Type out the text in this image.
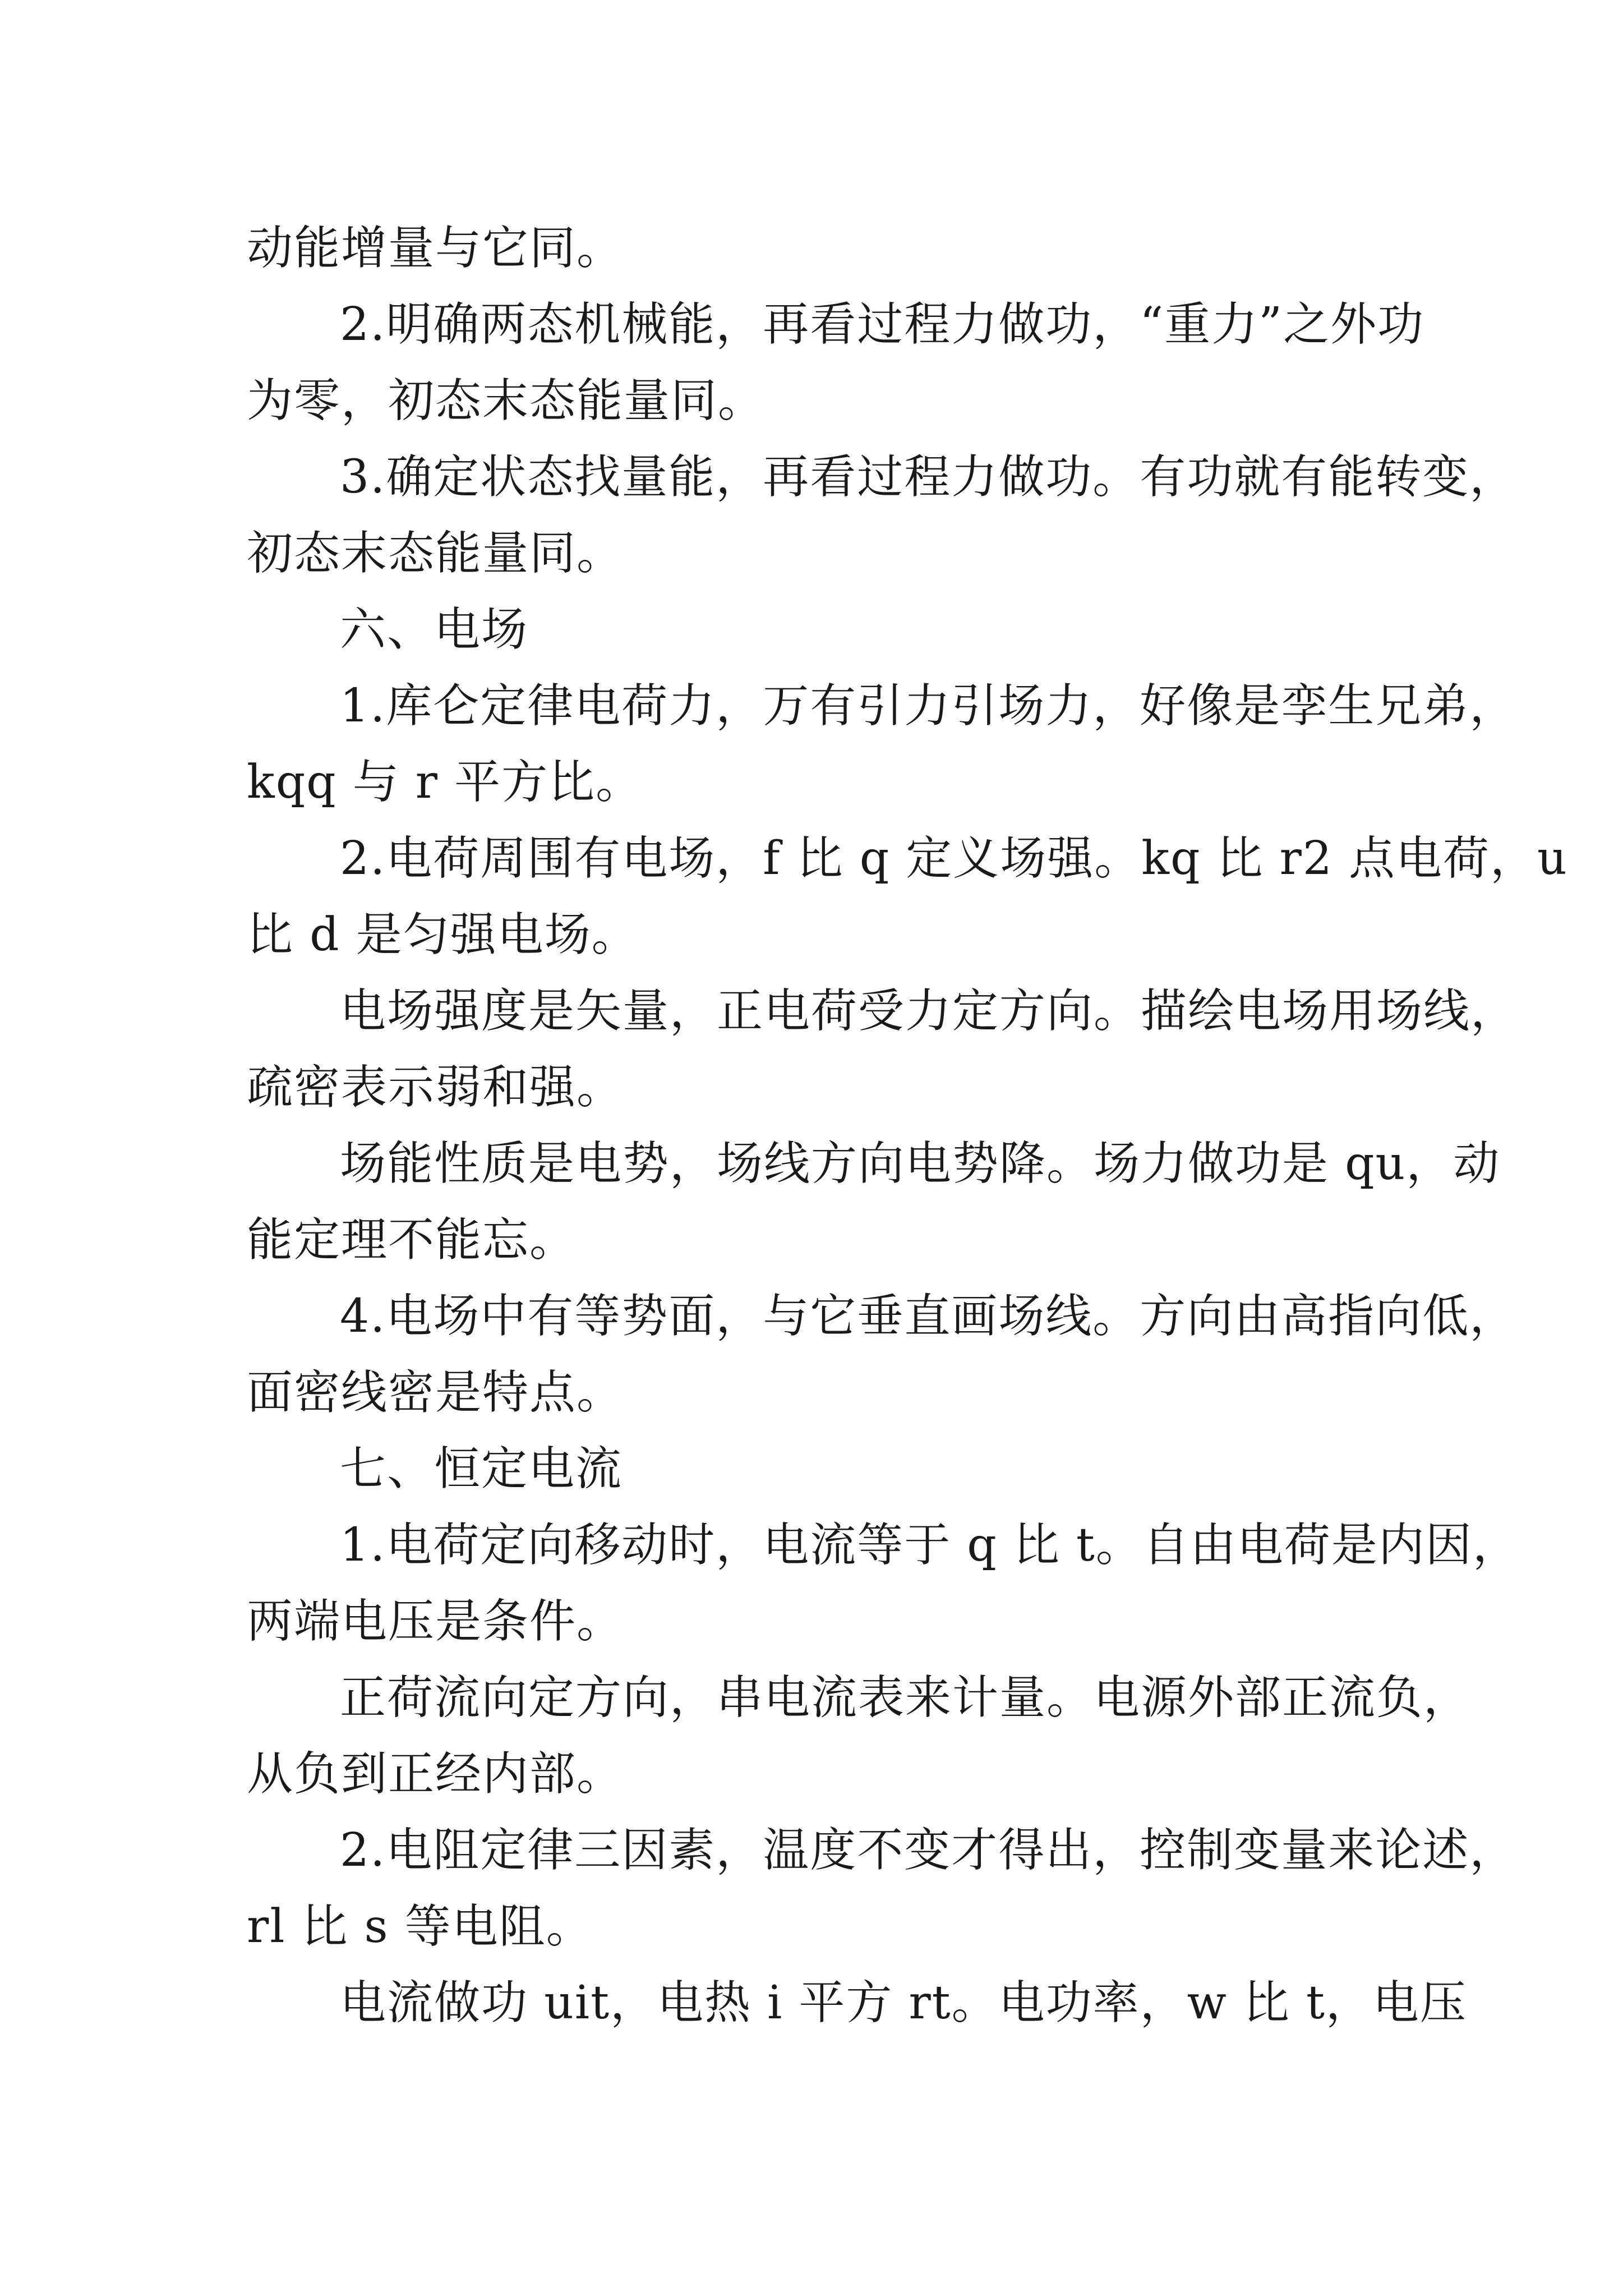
动能增量与它同。
2.明确两态机械能，再看过程力做功，“重力”之外功
为零，初态末态能量同。
3.确定状态找量能，再看过程力做功。有功就有能转变，
初态末态能量同。
六、电场
1.库仑定律电荷力，万有引力引场力，好像是孪生兄弟，
kqq 与 r 平方比。
2.电荷周围有电场，f 比 q 定义场强。kq 比 r2 点电荷，u
比 d 是匀强电场。
电场强度是矢量，正电荷受力定方向。描绘电场用场线，
疏密表示弱和强。
场能性质是电势，场线方向电势降。场力做功是 qu，动
能定理不能忘。
4.电场中有等势面，与它垂直画场线。方向由高指向低，
面密线密是特点。
七、恒定电流
1.电荷定向移动时，电流等于 q 比 t。自由电荷是内因，
两端电压是条件。
正荷流向定方向，串电流表来计量。电源外部正流负，
从负到正经内部。
2.电阻定律三因素，温度不变才得出，控制变量来论述，
rl 比 s 等电阻。
电流做功 uit，电热 i 平方 rt。电功率，w 比 t，电压
